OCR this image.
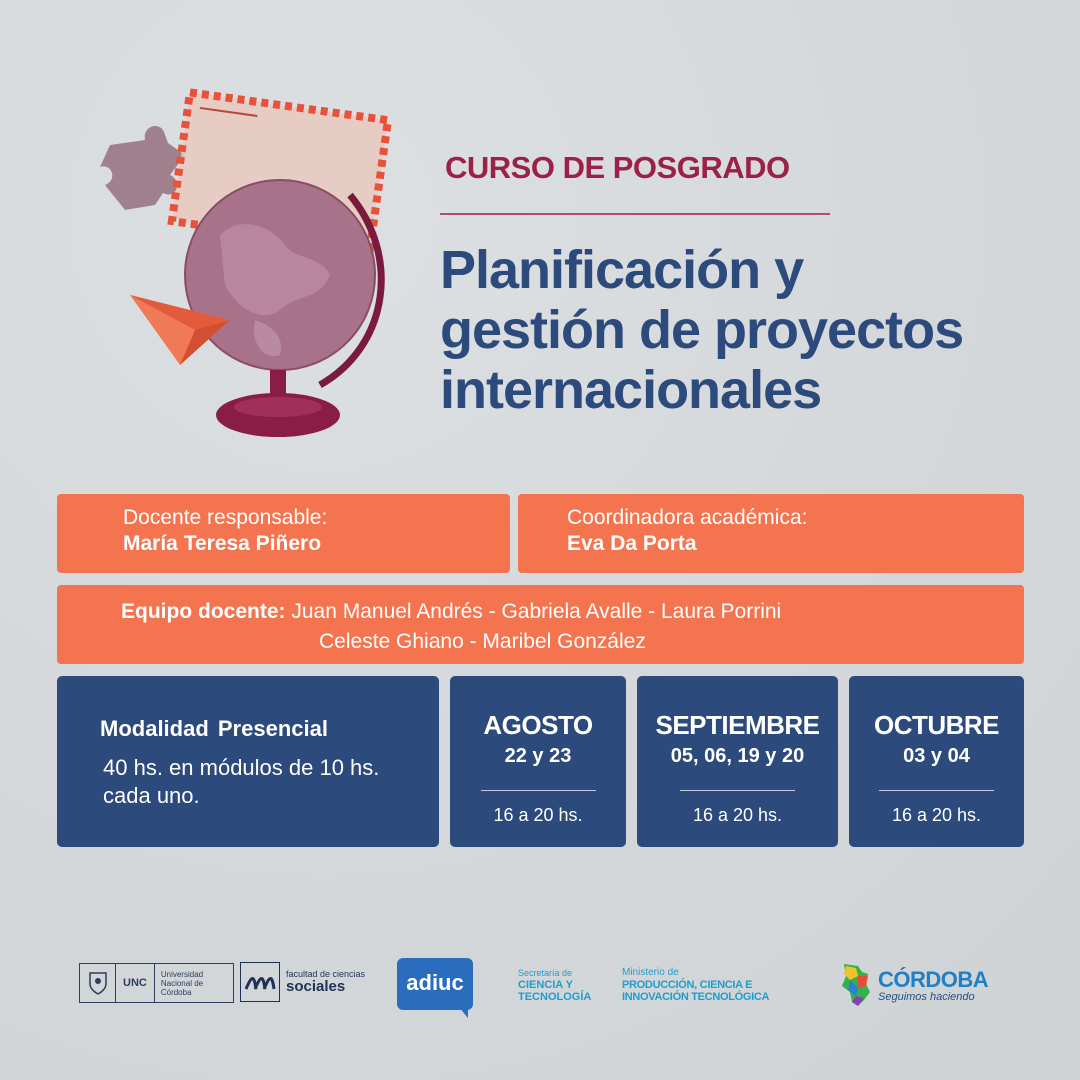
CURSO DE POSGRADO
Planificación y
gestión de proyectos
internacionales
Docente responsable:
María Teresa Piñero
Coordinadora académica:
Eva Da Porta
Equipo docente: Juan Manuel Andrés - Gabriela Avalle - Laura Porrini
Celeste Ghiano - Maribel González
Modalidad Presencial
40 hs. en módulos de 10 hs. cada uno.
AGOSTO
22 y 23
16 a 20 hs.
SEPTIEMBRE
05, 06, 19 y 20
16 a 20 hs.
OCTUBRE
03 y 04
16 a 20 hs.
UNC
Universidad Nacional de Córdoba
facultad de ciencias
sociales	adiuc	Secretaría de
CIENCIA Y
TECNOLOGÍA
Ministerio de
PRODUCCIÓN, CIENCIA E
INNOVACIÓN TECNOLÓGICA
CÓRDOBA
Seguimos haciendo
